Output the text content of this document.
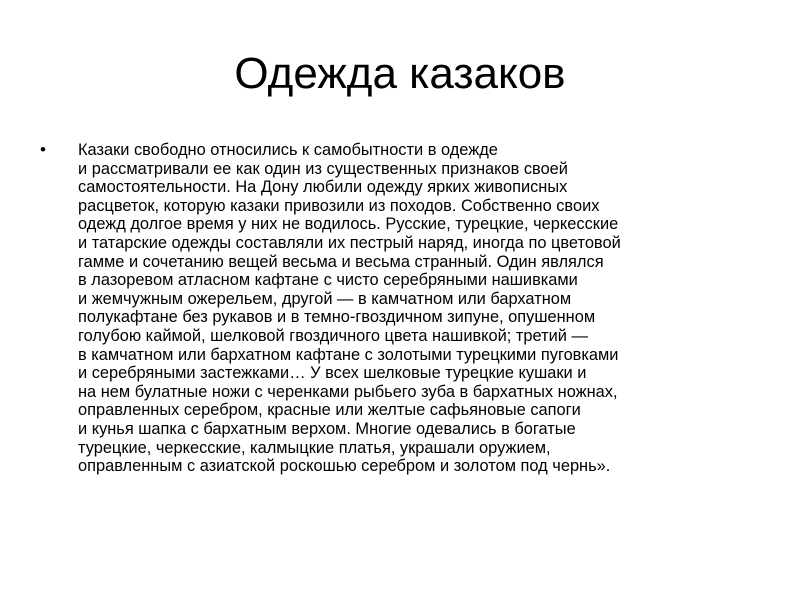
Одежда казаков
• Казаки свободно относились к самобытности в одежде
и рассматривали ее как один из существенных признаков своей
самостоятельности. На Дону любили одежду ярких живописных
расцветок, которую казаки привозили из походов. Собственно своих
одежд долгое время у них не водилось. Русские, турецкие, черкесские
и татарские одежды составляли их пестрый наряд, иногда по цветовой
гамме и сочетанию вещей весьма и весьма странный. Один являлся
в лазоревом атласном кафтане с чисто серебряными нашивками
и жемчужным ожерельем, другой — в камчатном или бархатном
полукафтане без рукавов и в темно-гвоздичном зипуне, опушенном
голубою каймой, шелковой гвоздичного цвета нашивкой; третий —
в камчатном или бархатном кафтане с золотыми турецкими пуговками
и серебряными застежками… У всех шелковые турецкие кушаки и
на нем булатные ножи с черенками рыбьего зуба в бархатных ножнах,
оправленных серебром, красные или желтые сафьяновые сапоги
и кунья шапка с бархатным верхом. Многие одевались в богатые
турецкие, черкесские, калмыцкие платья, украшали оружием,
оправленным с азиатской роскошью серебром и золотом под чернь».
